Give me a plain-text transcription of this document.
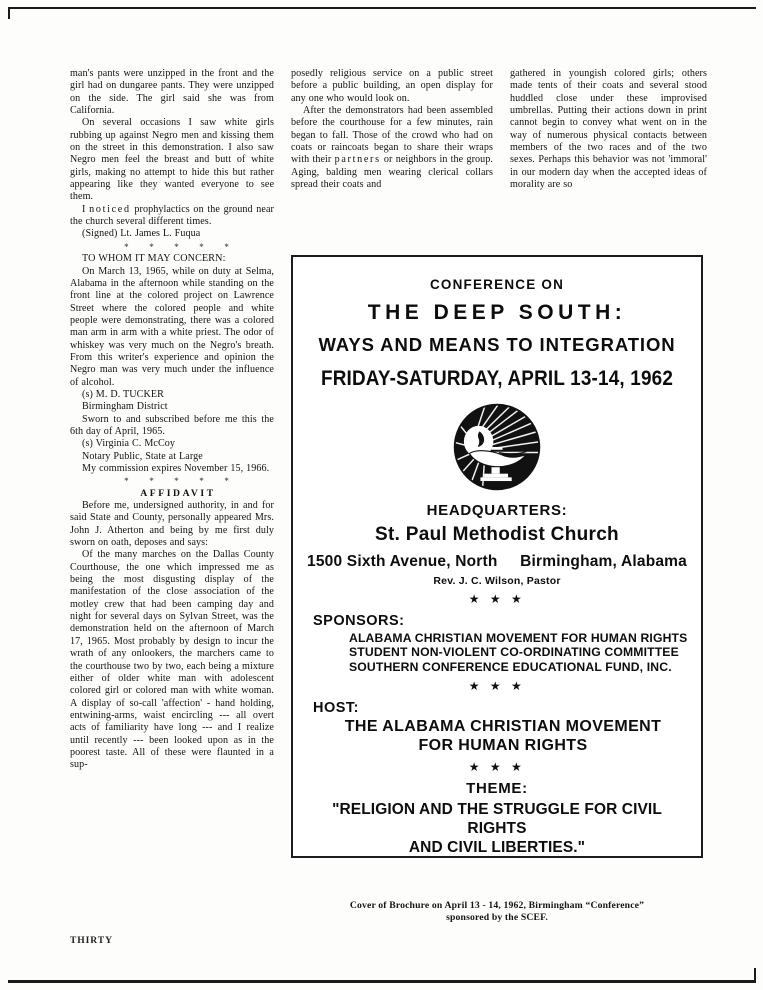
man's pants were unzipped in the front and the girl had on dungaree pants. They were unzipped on the side. The girl said she was from California.

On several occasions I saw white girls rubbing up against Negro men and kissing them on the street in this demonstration. I also saw Negro men feel the breast and butt of white girls, making no attempt to hide this but rather appearing like they wanted everyone to see them.

I noticed prophylactics on the ground near the church several different times.

(Signed) Lt. James L. Fuqua

* * * * *

TO WHOM IT MAY CONCERN:

On March 13, 1965, while on duty at Selma, Alabama in the afternoon while standing on the front line at the colored project on Lawrence Street where the colored people and white people were demonstrating, there was a colored man arm in arm with a white priest. The odor of whiskey was very much on the Negro's breath. From this writer's experience and opinion the Negro man was very much under the influence of alcohol.

(s) M. D. TUCKER

Birmingham District

Sworn to and subscribed before me this the 6th day of April, 1965.

(s) Virginia C. McCoy

Notary Public, State at Large

My commission expires November 15, 1966.

* * * * *

AFFIDAVIT

Before me, undersigned authority, in and for said State and County, personally appeared Mrs. John J. Atherton and being by me first duly sworn on oath, deposes and says:

Of the many marches on the Dallas County Courthouse, the one which impressed me as being the most disgusting display of the manifestation of the close association of the motley crew that had been camping day and night for several days on Sylvan Street, was the demonstration held on the afternoon of March 17, 1965. Most probably by design to incur the wrath of any onlookers, the marchers came to the courthouse two by two, each being a mixture either of older white man with adolescent colored girl or colored man with white woman. A display of so-call 'affection' - hand holding, entwining-arms, waist encircling --- all overt acts of familiarity have long --- and I realize until recently --- been looked upon as in the poorest taste. All of these were flaunted in a sup-

posedly religious service on a public street before a public building, an open display for any one who would look on.

After the demonstrators had been assembled before the courthouse for a few minutes, rain began to fall. Those of the crowd who had on coats or raincoats began to share their wraps with their partners or neighbors in the group. Aging, balding men wearing clerical collars spread their coats and

gathered in youngish colored girls; others made tents of their coats and several stood huddled close under these improvised umbrellas. Putting their actions down in print cannot begin to convey what went on in the way of numerous physical contacts between members of the two races and of the two sexes. Perhaps this behavior was not 'immoral' in our modern day when the accepted ideas of morality are so

THIRTY
CONFERENCE ON
THE DEEP SOUTH:
WAYS AND MEANS TO INTEGRATION
FRIDAY-SATURDAY, APRIL 13-14, 1962
HEADQUARTERS:
St. Paul Methodist Church
1500 Sixth Avenue, North Birmingham, Alabama
Rev. J. C. Wilson, Pastor
★ ★ ★
SPONSORS:
ALABAMA CHRISTIAN MOVEMENT FOR HUMAN RIGHTS
STUDENT NON-VIOLENT CO-ORDINATING COMMITTEE
SOUTHERN CONFERENCE EDUCATIONAL FUND, INC.
★ ★ ★
HOST:
THE ALABAMA CHRISTIAN MOVEMENT
FOR HUMAN RIGHTS
★ ★ ★
THEME:
"RELIGION AND THE STRUGGLE FOR CIVIL RIGHTS
AND CIVIL LIBERTIES."
Cover of Brochure on April 13 - 14, 1962, Birmingham “Conference”
sponsored by the SCEF.
